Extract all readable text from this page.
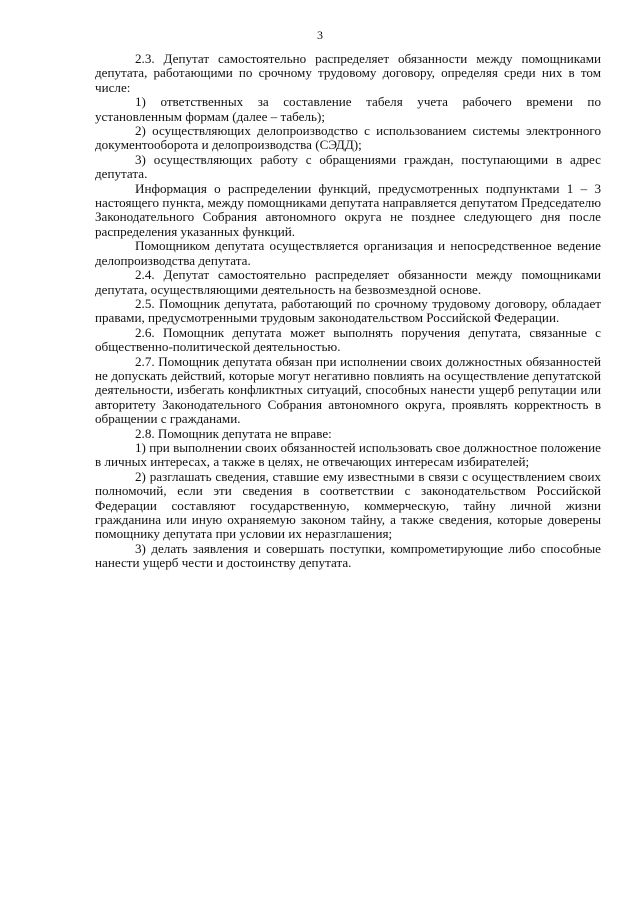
3

2.3. Депутат самостоятельно распределяет обязанности между помощниками депутата, работающими по срочному трудовому договору, определяя среди них в том числе:

1) ответственных за составление табеля учета рабочего времени по установленным формам (далее – табель);

2) осуществляющих делопроизводство с использованием системы электронного документооборота и делопроизводства (СЭДД);

3) осуществляющих работу с обращениями граждан, поступающими в адрес депутата.

Информация о распределении функций, предусмотренных подпунктами 1 – 3 настоящего пункта, между помощниками депутата направляется депутатом Председателю Законодательного Собрания автономного округа не позднее следующего дня после распределения указанных функций.

Помощником депутата осуществляется организация и непосредственное ведение делопроизводства депутата.

2.4. Депутат самостоятельно распределяет обязанности между помощниками депутата, осуществляющими деятельность на безвозмездной основе.

2.5. Помощник депутата, работающий по срочному трудовому договору, обладает правами, предусмотренными трудовым законодательством Российской Федерации.

2.6. Помощник депутата может выполнять поручения депутата, связанные с общественно-политической деятельностью.

2.7. Помощник депутата обязан при исполнении своих должностных обязанностей не допускать действий, которые могут негативно повлиять на осуществление депутатской деятельности, избегать конфликтных ситуаций, способных нанести ущерб репутации или авторитету Законодательного Собрания автономного округа, проявлять корректность в обращении с гражданами.

2.8. Помощник депутата не вправе:

1) при выполнении своих обязанностей использовать свое должностное положение в личных интересах, а также в целях, не отвечающих интересам избирателей;

2) разглашать сведения, ставшие ему известными в связи с осуществлением своих полномочий, если эти сведения в соответствии с законодательством Российской Федерации составляют государственную, коммерческую, тайну личной жизни гражданина или иную охраняемую законом тайну, а также сведения, которые доверены помощнику депутата при условии их неразглашения;

3) делать заявления и совершать поступки, компрометирующие либо способные нанести ущерб чести и достоинству депутата.
